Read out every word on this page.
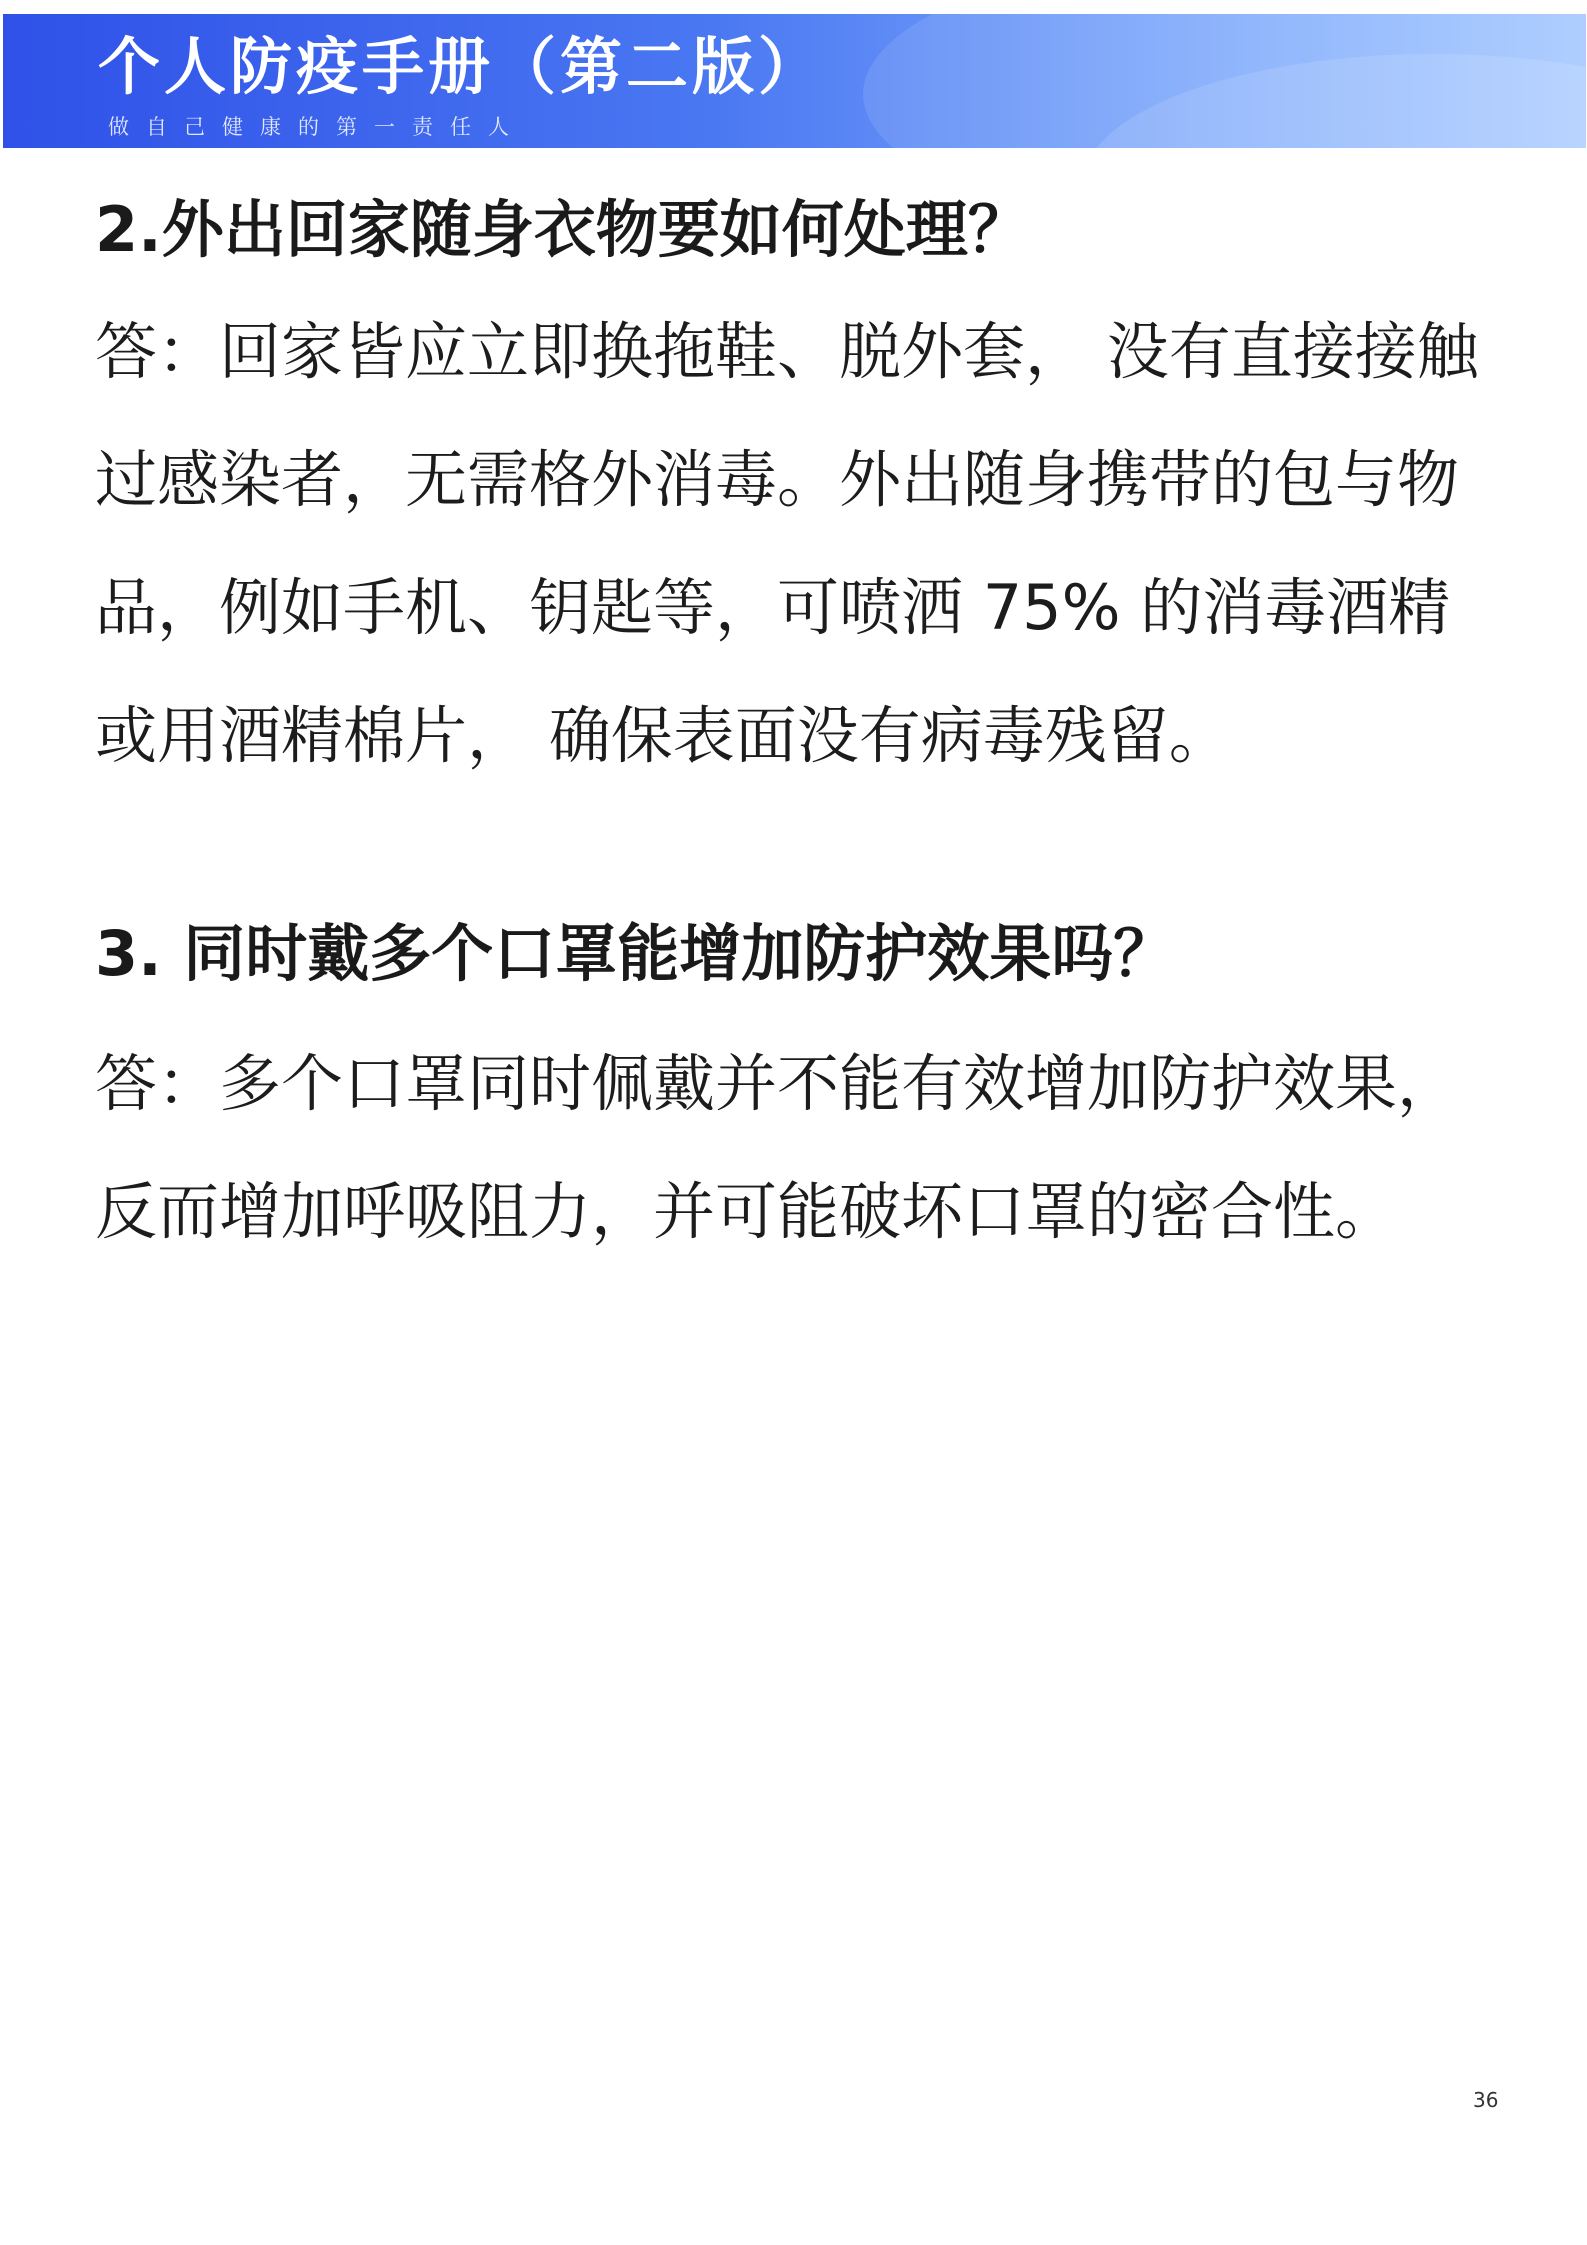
个人防疫手册（第二版）
做自己健康的第一责任人
2.外出回家随身衣物要如何处理？

答：回家皆应立即换拖鞋、脱外套， 没有直接接触过感染者，无需格外消毒。外出随身携带的包与物品，例如手机、钥匙等，可喷洒 75% 的消毒酒精或用酒精棉片， 确保表面没有病毒残留。

3. 同时戴多个口罩能增加防护效果吗？

答：多个口罩同时佩戴并不能有效增加防护效果，反而增加呼吸阻力，并可能破坏口罩的密合性。

36
